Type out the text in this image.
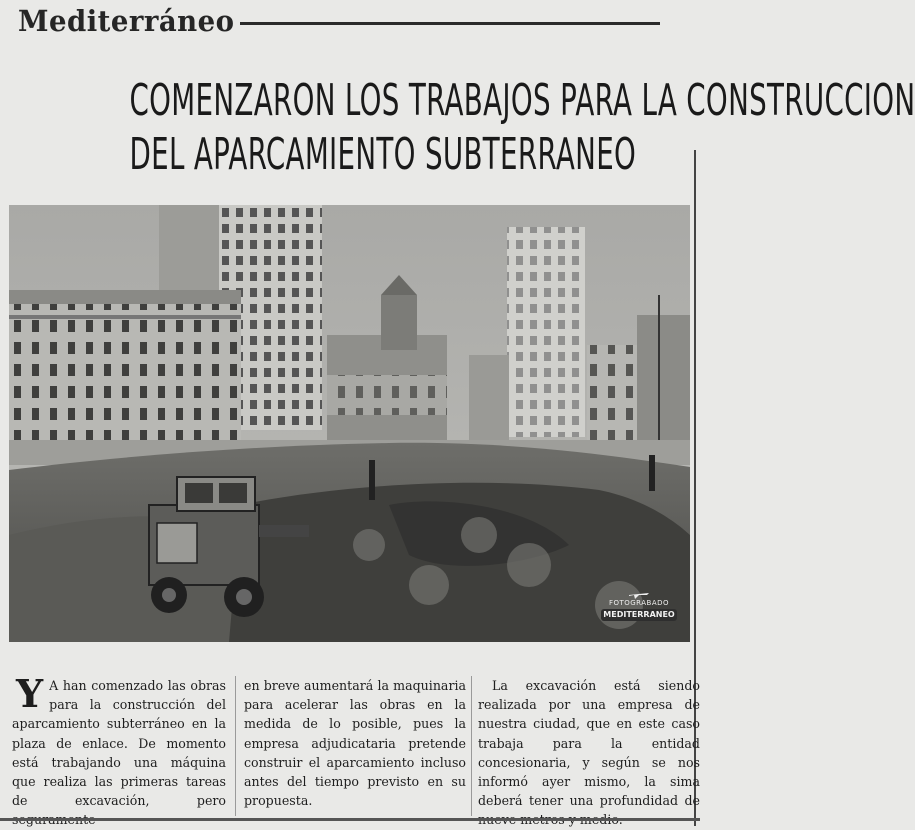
Mediterráneo
COMENZARON LOS TRABAJOS PARA LA CONSTRUCCION
DEL APARCAMIENTO SUBTERRANEO
FOTOGRABADO
MEDITERRANEO
Y A han comenzado las obras para la construcción del aparcamiento subterráneo en la plaza de enlace. De momento está trabajando una máquina que realiza las primeras tareas de excavación, pero
en breve aumentará la maquinaria para acelerar las obras en la medida de lo posible, pues la empresa adjudicataria pretende construir el aparcamiento incluso antes del tiempo previsto en su propuesta.
La excavación está siendo realizada por una empresa de nuestra ciudad, que en este caso trabaja para la entidad concesionaria, y según se nos informó ayer mismo, la sima deberá tener una profundidad de
